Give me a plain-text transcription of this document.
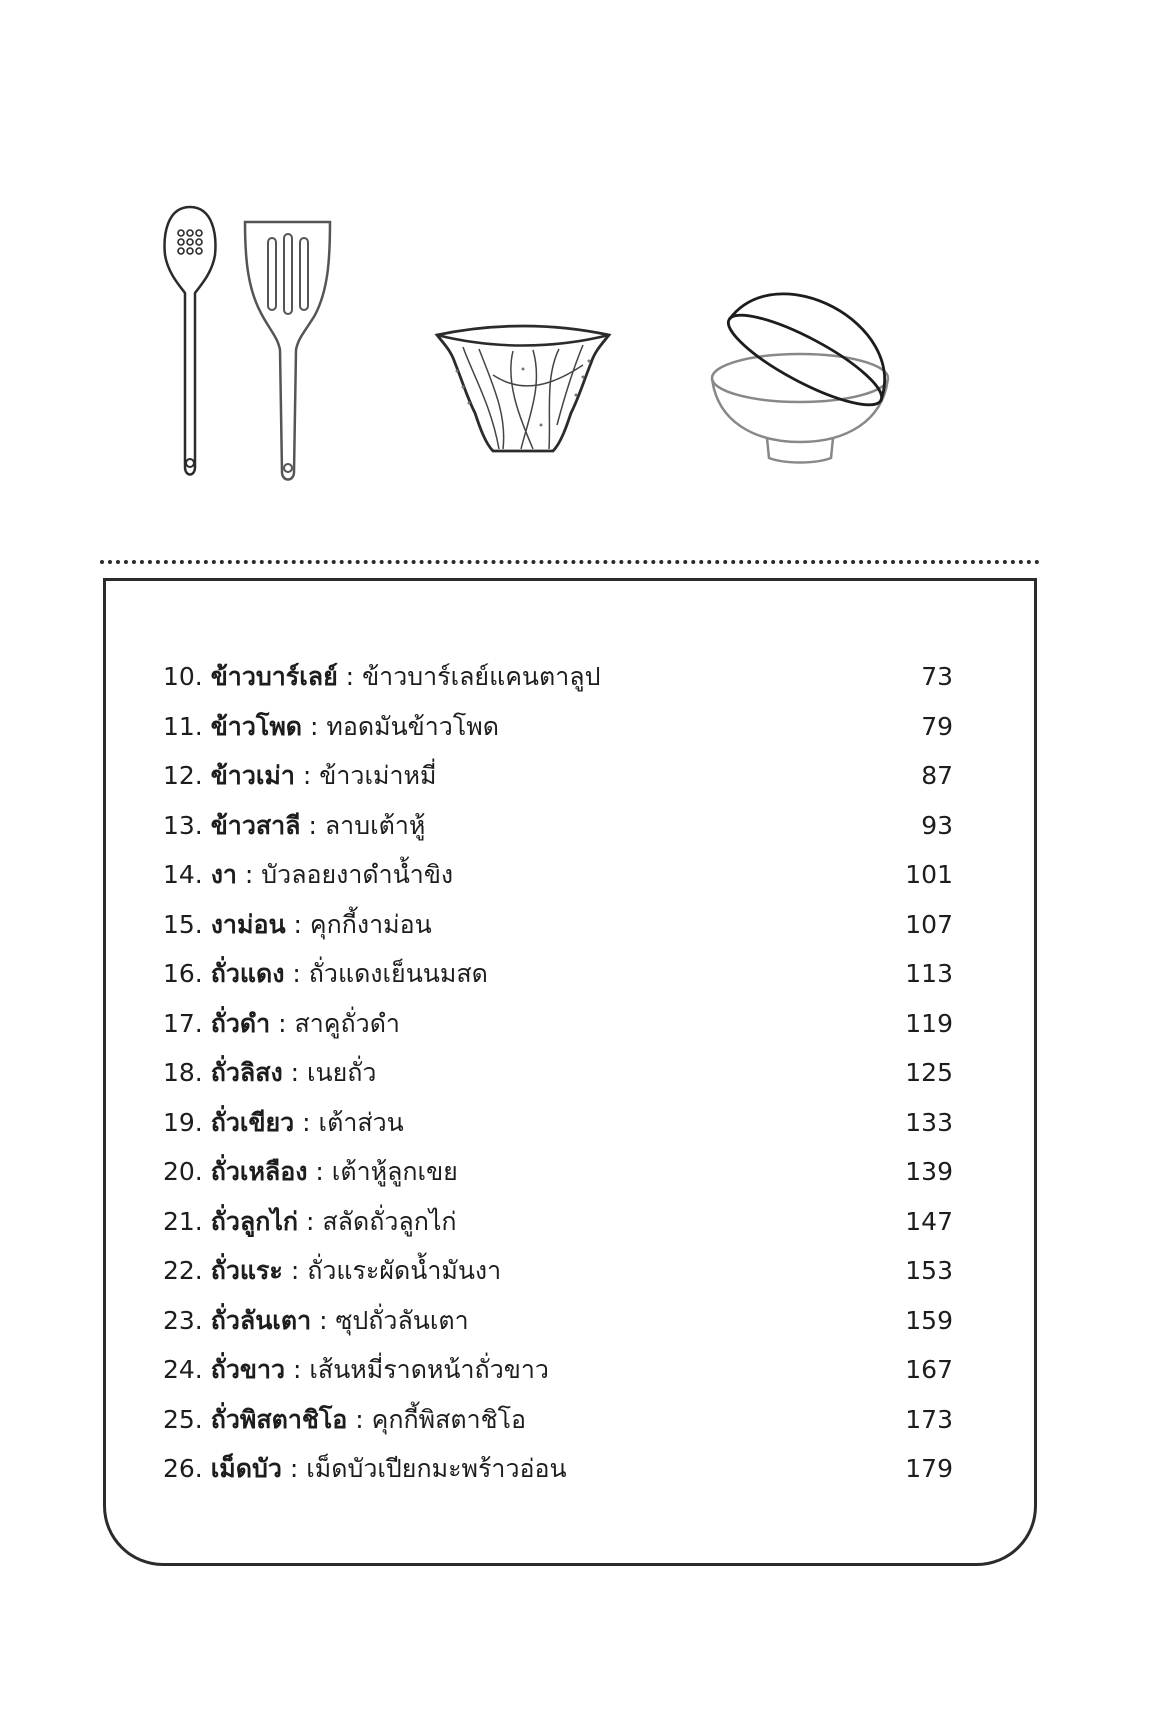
10. ข้าวบาร์เลย์ : ข้าวบาร์เลย์แคนตาลูป	73
11. ข้าวโพด : ทอดมันข้าวโพด	79
12. ข้าวเม่า : ข้าวเม่าหมี่	87
13. ข้าวสาลี : ลาบเต้าหู้	93
14. งา : บัวลอยงาดำน้ำขิง	101
15. งาม่อน : คุกกี้งาม่อน	107
16. ถั่วแดง : ถั่วแดงเย็นนมสด	113
17. ถั่วดำ : สาคูถั่วดำ	119
18. ถั่วลิสง : เนยถั่ว	125
19. ถั่วเขียว : เต้าส่วน	133
20. ถั่วเหลือง : เต้าหู้ลูกเขย	139
21. ถั่วลูกไก่ : สลัดถั่วลูกไก่	147
22. ถั่วแระ : ถั่วแระผัดน้ำมันงา	153
23. ถั่วลันเตา : ซุปถั่วลันเตา	159
24. ถั่วขาว : เส้นหมี่ราดหน้าถั่วขาว	167
25. ถั่วพิสตาชิโอ : คุกกี้พิสตาชิโอ	173
26. เม็ดบัว : เม็ดบัวเปียกมะพร้าวอ่อน	179
